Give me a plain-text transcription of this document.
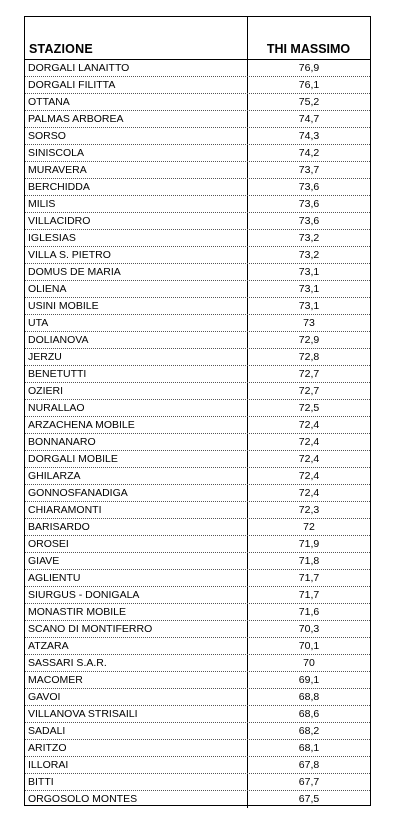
STAZIONE	THI MASSIMO
DORGALI LANAITTO	76,9
DORGALI FILITTA	76,1
OTTANA	75,2
PALMAS ARBOREA	74,7
SORSO	74,3
SINISCOLA	74,2
MURAVERA	73,7
BERCHIDDA	73,6
MILIS	73,6
VILLACIDRO	73,6
IGLESIAS	73,2
VILLA S. PIETRO	73,2
DOMUS DE MARIA	73,1
OLIENA	73,1
USINI MOBILE	73,1
UTA	73
DOLIANOVA	72,9
JERZU	72,8
BENETUTTI	72,7
OZIERI	72,7
NURALLAO	72,5
ARZACHENA MOBILE	72,4
BONNANARO	72,4
DORGALI MOBILE	72,4
GHILARZA	72,4
GONNOSFANADIGA	72,4
CHIARAMONTI	72,3
BARISARDO	72
OROSEI	71,9
GIAVE	71,8
AGLIENTU	71,7
SIURGUS - DONIGALA	71,7
MONASTIR MOBILE	71,6
SCANO DI MONTIFERRO	70,3
ATZARA	70,1
SASSARI S.A.R.	70
MACOMER	69,1
GAVOI	68,8
VILLANOVA STRISAILI	68,6
SADALI	68,2
ARITZO	68,1
ILLORAI	67,8
BITTI	67,7
ORGOSOLO MONTES	67,5
